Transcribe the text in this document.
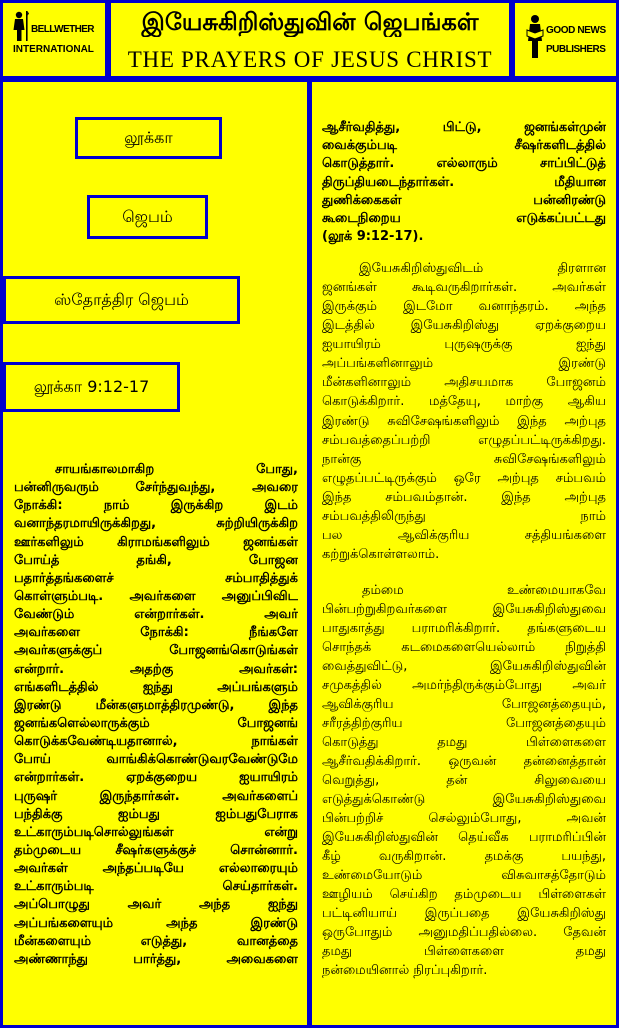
BELLWETHER
INTERNATIONAL
இயேசுகிறிஸ்துவின் ஜெபங்கள்
THE PRAYERS OF JESUS CHRIST
GOOD NEWS
PUBLISHERS
லூக்கா
ஜெபம்
ஸ்தோத்திர ஜெபம்
லூக்கா 9:12-17
சாயங்காலமாகிற போது,
பன்னிருவரும் சேர்ந்துவந்து, அவரை
நோக்கி: நாம் இருக்கிற இடம்
வனாந்தரமாயிருக்கிறது, சுற்றியிருக்கிற
ஊர்களிலும் கிராமங்களிலும் ஜனங்கள்
போய்த் தங்கி, போஜன
பதார்த்தங்களைச் சம்பாதித்துக்
கொள்ளும்படி. அவர்களை அனுப்பிவிட
வேண்டும் என்றார்கள். அவர்
அவர்களை நோக்கி: நீங்களே
அவர்களுக்குப் போஜனங்கொடுங்கள்
என்றார். அதற்கு அவர்கள்:
எங்களிடத்தில் ஐந்து அப்பங்களும்
இரண்டு மீன்களுமாத்திரமுண்டு, இந்த
ஜனங்களெல்லாருக்கும் போஜனங்
கொடுக்கவேண்டியதானால், நாங்கள்
போய் வாங்கிக்கொண்டுவரவேண்டுமே
என்றார்கள். ஏறக்குறைய ஐயாயிரம்
புருஷர் இருந்தார்கள். அவர்களைப்
பந்திக்கு ஐம்பது ஐம்பதுபேராக
உட்காரும்படிசொல்லுங்கள் என்று
தம்முடைய சீஷர்களுக்குச் சொன்னார்.
அவர்கள் அந்தப்படியே எல்லாரையும்
உட்காரும்படி செய்தார்கள்.
அப்பொழுது அவர் அந்த ஐந்து
அப்பங்களையும் அந்த இரண்டு
மீன்களையும் எடுத்து, வானத்தை
அண்ணாந்து பார்த்து, அவைகளை
ஆசீர்வதித்து, பிட்டு, ஜனங்கள்முன்
வைக்கும்படி சீஷர்களிடத்தில்
கொடுத்தார். எல்லாரும் சாப்பிட்டுத்
திருப்தியடைந்தார்கள். மீதியான
துணிக்கைகள் பன்னிரண்டு
கூடைநிறைய எடுக்கப்பட்டது
(லூக் 9:12-17).
இயேசுகிறிஸ்துவிடம் திரளான
ஜனங்கள் கூடிவருகிறார்கள். அவர்கள்
இருக்கும் இடமோ வனாந்தரம். அந்த
இடத்தில் இயேசுகிறிஸ்து ஏறக்குறைய
ஐயாயிரம் புருஷருக்கு ஐந்து
அப்பங்களினாலும் இரண்டு
மீன்களினாலும் அதிசயமாக போஜனம்
கொடுக்கிறார். மத்தேயு, மாற்கு ஆகிய
இரண்டு சுவிசேஷங்களிலும் இந்த அற்புத
சம்பவத்தைப்பற்றி எழுதப்பட்டிருக்கிறது.
நான்கு சுவிசேஷங்களிலும்
எழுதப்பட்டிருக்கும் ஒரே அற்புத சம்பவம்
இந்த சம்பவம்தான். இந்த அற்புத
சம்பவத்திலிருந்து நாம்
பல ஆவிக்குரிய சத்தியங்களை
கற்றுக்கொள்ளலாம்.
தம்மை உண்மையாகவே
பின்பற்றுகிறவர்களை இயேசுகிறிஸ்துவை
பாதுகாத்து பராமரிக்கிறார். தங்களுடைய
சொந்தக் கடமைகளையெல்லாம் நிறுத்தி
வைத்துவிட்டு, இயேசுகிறிஸ்துவின்
சமுகத்தில் அமர்ந்திருக்கும்போது அவர்
ஆவிக்குரிய போஜனத்தையும்,
சரீரத்திற்குரிய போஜனத்தையும்
கொடுத்து தமது பிள்ளைகளை
ஆசீர்வதிக்கிறார். ஒருவன் தன்னைத்தான்
வெறுத்து, தன் சிலுவையை
எடுத்துக்கொண்டு இயேசுகிறிஸ்துவை
பின்பற்றிச் செல்லும்போது, அவன்
இயேசுகிறிஸ்துவின் தெய்வீக பராமரிப்பின்
கீழ் வருகிறான். தமக்கு பயந்து,
உண்மையோடும் விசுவாசத்தோடும்
ஊழியம் செய்கிற தம்முடைய பிள்ளைகள்
பட்டினியாய் இருப்பதை இயேசுகிறிஸ்து
ஒருபோதும் அனுமதிப்பதில்லை. தேவன்
தமது பிள்ளைகளை தமது
நன்மையினால் நிரப்புகிறார்.
